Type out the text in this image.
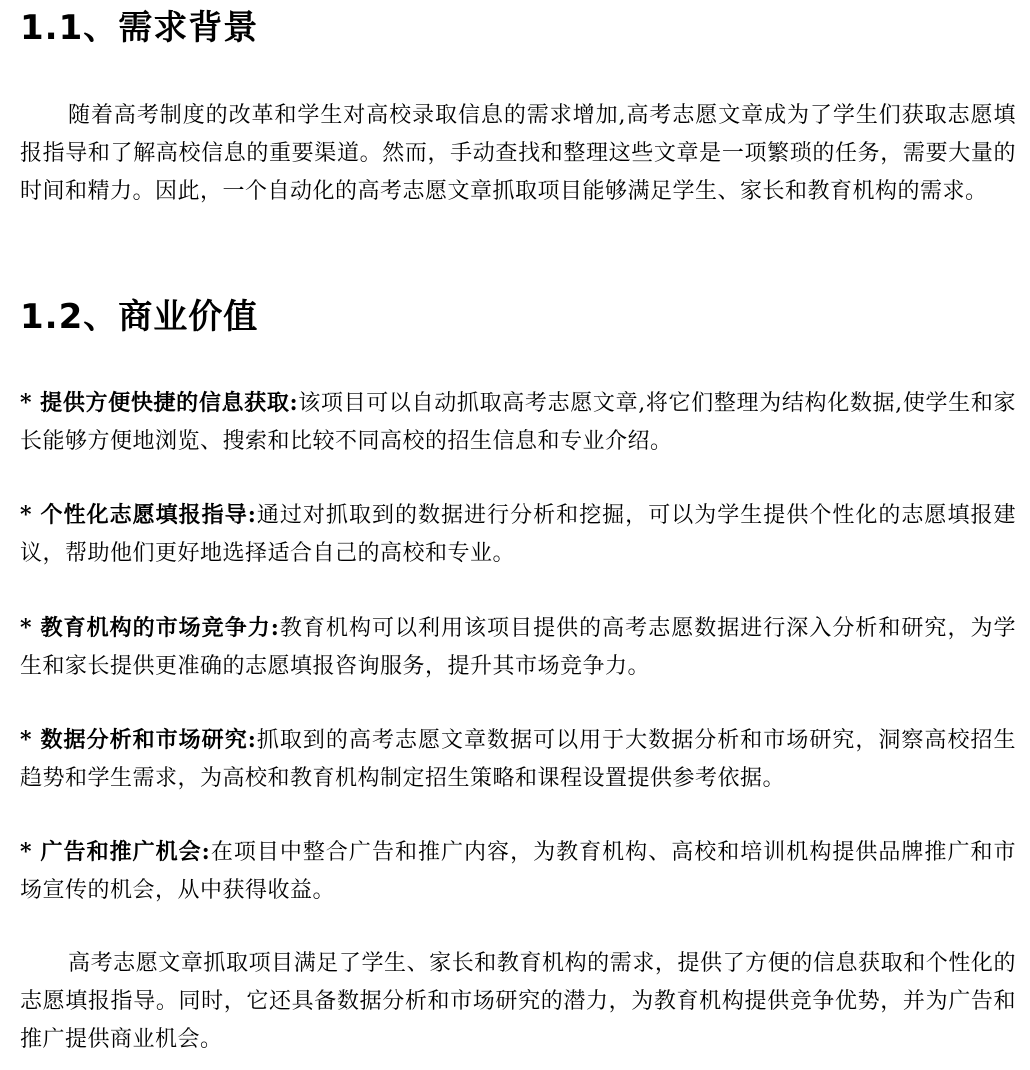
1.1、需求背景

随着高考制度的改革和学生对高校录取信息的需求增加,高考志愿文章成为了学生们获取志愿填报指导和了解高校信息的重要渠道。然而，手动查找和整理这些文章是一项繁琐的任务，需要大量的时间和精力。因此，一个自动化的高考志愿文章抓取项目能够满足学生、家长和教育机构的需求。

1.2、商业价值

* 提供方便快捷的信息获取:该项目可以自动抓取高考志愿文章,将它们整理为结构化数据,使学生和家长能够方便地浏览、搜索和比较不同高校的招生信息和专业介绍。

* 个性化志愿填报指导:通过对抓取到的数据进行分析和挖掘，可以为学生提供个性化的志愿填报建议，帮助他们更好地选择适合自己的高校和专业。

* 教育机构的市场竞争力:教育机构可以利用该项目提供的高考志愿数据进行深入分析和研究，为学生和家长提供更准确的志愿填报咨询服务，提升其市场竞争力。

* 数据分析和市场研究:抓取到的高考志愿文章数据可以用于大数据分析和市场研究，洞察高校招生趋势和学生需求，为高校和教育机构制定招生策略和课程设置提供参考依据。

* 广告和推广机会:在项目中整合广告和推广内容，为教育机构、高校和培训机构提供品牌推广和市场宣传的机会，从中获得收益。

高考志愿文章抓取项目满足了学生、家长和教育机构的需求，提供了方便的信息获取和个性化的志愿填报指导。同时，它还具备数据分析和市场研究的潜力，为教育机构提供竞争优势，并为广告和推广提供商业机会。
